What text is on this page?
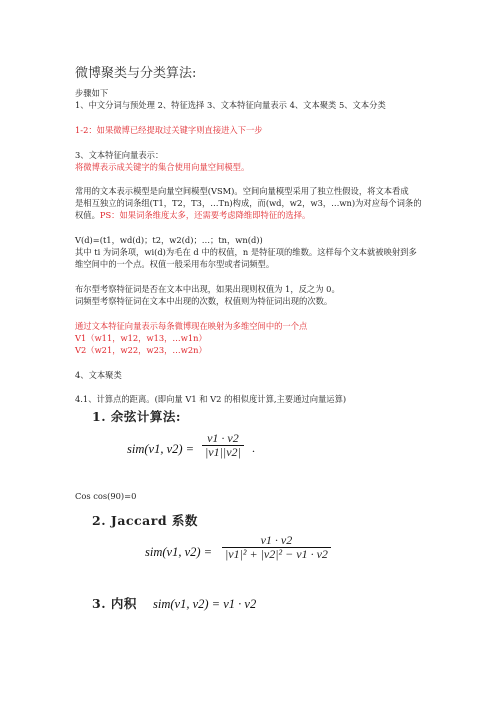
微博聚类与分类算法:
步骤如下
1、中文分词与预处理 2、特征选择 3、文本特征向量表示 4、文本聚类 5、文本分类
1-2：如果微博已经提取过关键字则直接进入下一步
3、文本特征向量表示：
将微博表示成关键字的集合使用向量空间模型。
常用的文本表示模型是向量空间模型(VSM)。空间向量模型采用了独立性假设，将文本看成
是相互独立的词条组(T1，T2，T3，…Tn)构成，而(wd，w2，w3，…wn)为对应每个词条的
权值。PS：如果词条维度太多，还需要考虑降维即特征的选择。
V(d)=(t1，wd(d)；t2，w2(d)；…；tn，wn(d))
其中 ti 为词条项，wi(d)为毛在 d 中的权值，n 是特征项的维数。这样每个文本就被映射到多
维空间中的一个点。权值一般采用布尔型或者词频型。
布尔型考察特征词是否在文本中出现，如果出现则权值为 1，反之为 0。
词频型考察特征词在文本中出现的次数，权值则为特征词出现的次数。
通过文本特征向量表示每条微博现在映射为多维空间中的一个点
V1（w11，w12，w13，…w1n）
V2（w21，w22，w23，…w2n）
4、文本聚类
4.1、计算点的距离。(即向量 V1 和 V2 的相似度计算,主要通过向量运算)
1. 余弦计算法:
sim(v1, v2) =
v1 · v2
|v1||v2| .
Cos cos(90)=0
2. Jaccard 系数
sim(v1, v2) =
v1 · v2
|v1|² + |v2|² − v1 · v2
3. 内积 sim(v1, v2) = v1 · v2
